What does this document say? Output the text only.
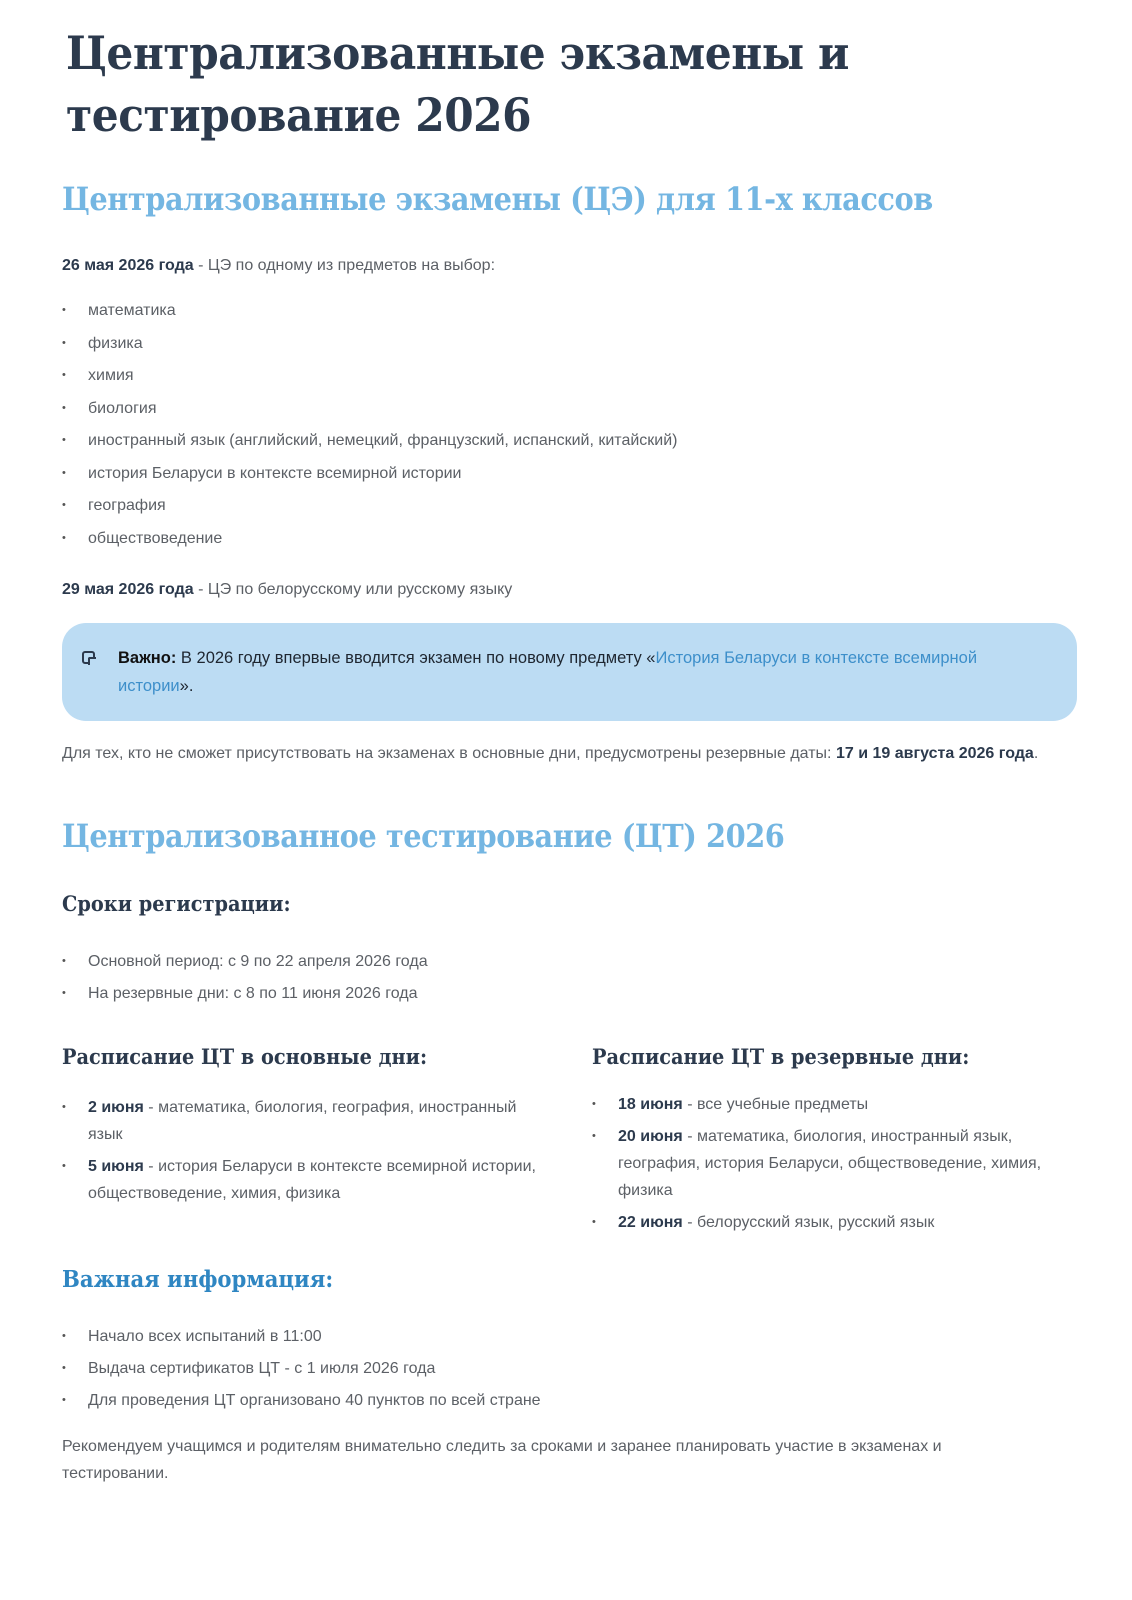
Централизованные экзамены и тестирование 2026
Централизованные экзамены (ЦЭ) для 11-х классов

26 мая 2026 года - ЦЭ по одному из предметов на выбор:

• математика
• физика
• химия
• биология
• иностранный язык (английский, немецкий, французский, испанский, китайский)
• история Беларуси в контексте всемирной истории
• география
• обществоведение

29 мая 2026 года - ЦЭ по белорусскому или русскому языку

Важно: В 2026 году впервые вводится экзамен по новому предмету «История Беларуси в контексте всемирной истории».

Для тех, кто не сможет присутствовать на экзаменах в основные дни, предусмотрены резервные даты: 17 и 19 августа 2026 года.

Централизованное тестирование (ЦТ) 2026
Сроки регистрации:
• Основной период: с 9 по 22 апреля 2026 года
• На резервные дни: с 8 по 11 июня 2026 года
Расписание ЦТ в основные дни:
• 2 июня - математика, биология, география, иностранный язык
• 5 июня - история Беларуси в контексте всемирной истории, обществоведение, химия, физика
Расписание ЦТ в резервные дни:
• 18 июня - все учебные предметы
• 20 июня - математика, биология, иностранный язык, география, история Беларуси, обществоведение, химия, физика
• 22 июня - белорусский язык, русский язык
Важная информация:
• Начало всех испытаний в 11:00
• Выдача сертификатов ЦТ - с 1 июля 2026 года
• Для проведения ЦТ организовано 40 пунктов по всей стране

Рекомендуем учащимся и родителям внимательно следить за сроками и заранее планировать участие в экзаменах и тестировании.
